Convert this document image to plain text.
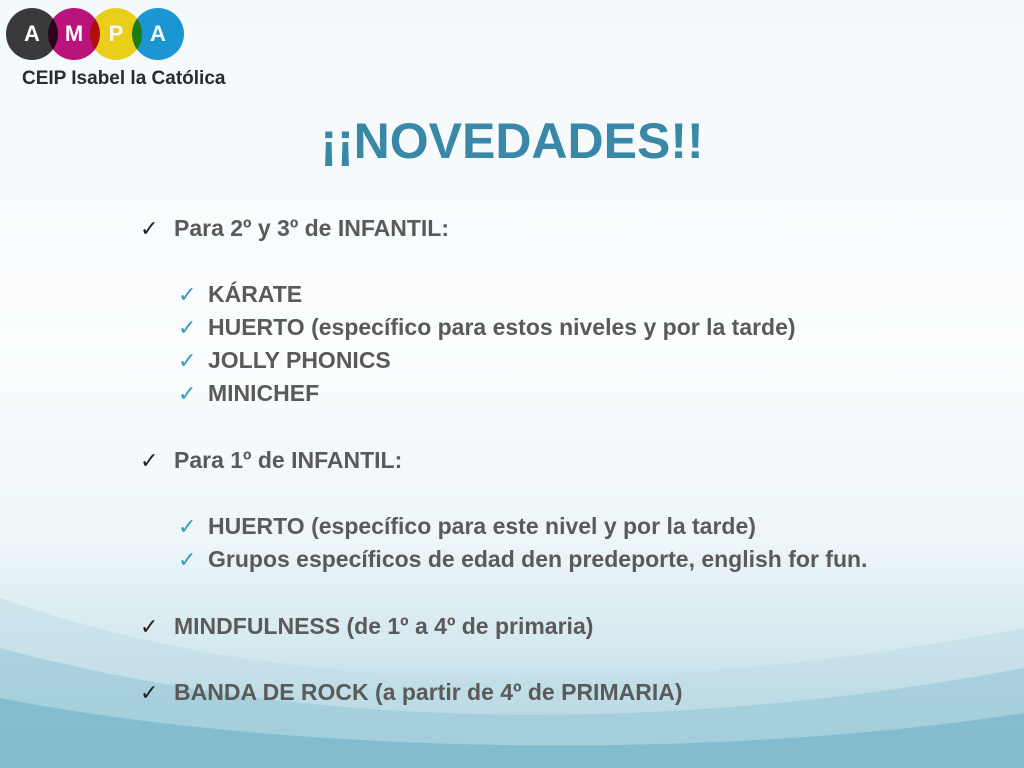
A	M	P	A
CEIP Isabel la Católica
¡¡NOVEDADES!!
✓ Para 2º y 3º de INFANTIL:
✓ KÁRATE
✓ HUERTO (específico para estos niveles y por la tarde)
✓ JOLLY PHONICS
✓ MINICHEF
✓ Para 1º de INFANTIL:
✓ HUERTO (específico para este nivel y por la tarde)
✓ Grupos específicos de edad den predeporte, english for fun.
✓ MINDFULNESS (de 1º a 4º de primaria)
✓ BANDA DE ROCK (a partir de 4º de PRIMARIA)
